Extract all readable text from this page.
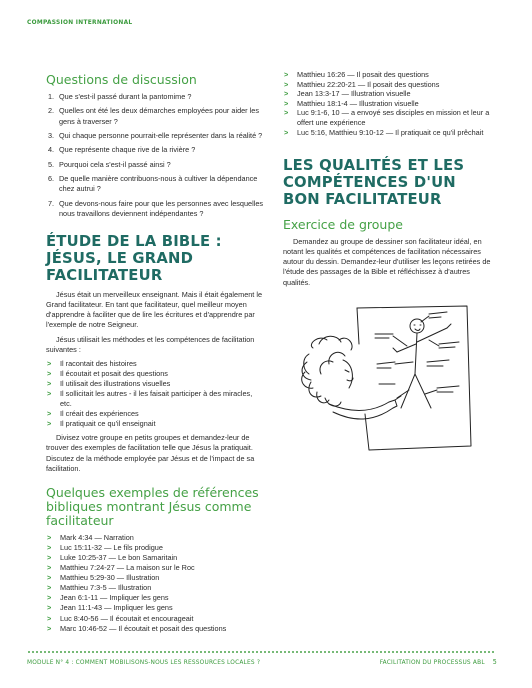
COMPASSION INTERNATIONAL
Questions de discussion
1. Que s'est-il passé durant la pantomime ?
2. Quelles ont été les deux démarches employées pour aider les gens à traverser ?
3. Qui chaque personne pourrait-elle représenter dans la réalité ?
4. Que représente chaque rive de la rivière ?
5. Pourquoi cela s'est-il passé ainsi ?
6. De quelle manière contribuons-nous à cultiver la dépendance chez autrui ?
7. Que devons-nous faire pour que les personnes avec lesquelles nous travaillons deviennent indépendantes ?
ÉTUDE DE LA BIBLE : JÉSUS, LE GRAND FACILITATEUR

Jésus était un merveilleux enseignant. Mais il était également le Grand facilitateur. En tant que facilitateur, quel meilleur moyen d'apprendre à faciliter que de lire les écritures et d'apprendre par l'exemple de notre Seigneur.

Jésus utilisait les méthodes et les compétences de facilitation suivantes :

> Il racontait des histoires
> Il écoutait et posait des questions
> Il utilisait des illustrations visuelles
> Il sollicitait les autres - il les faisait participer à des miracles, etc.
> Il créait des expériences
> Il pratiquait ce qu'il enseignait

Divisez votre groupe en petits groupes et demandez-leur de trouver des exemples de facilitation telle que Jésus la pratiquait. Discutez de la méthode employée par Jésus et de l'impact de sa facilitation.

Quelques exemples de références bibliques montrant Jésus comme facilitateur
> Mark 4:34 — Narration
> Luc 15:11-32 — Le fils prodigue
> Luke 10:25-37 — Le bon Samaritain
> Matthieu 7:24-27 — La maison sur le Roc
> Matthieu 5:29-30 — Illustration
> Matthieu 7:3-5 — Illustration
> Jean 6:1-11 — Impliquer les gens
> Jean 11:1-43 — Impliquer les gens
> Luc 8:40-56 — Il écoutait et encourageait
> Marc 10:46-52 — Il écoutait et posait des questions
> Matthieu 16:26 — Il posait des questions
> Matthieu 22:20-21 — Il posait des questions
> Jean 13:3-17 — Illustration visuelle
> Matthieu 18:1-4 — Illustration visuelle
> Luc 9:1-6, 10 — a envoyé ses disciples en mission et leur a offert une expérience
> Luc 5:16, Matthieu 9:10-12 — Il pratiquait ce qu'il prêchait
LES QUALITÉS ET LES COMPÉTENCES D'UN BON FACILITATEUR
Exercice de groupe

Demandez au groupe de dessiner son facilitateur idéal, en notant les qualités et compétences de facilitation nécessaires autour du dessin. Demandez-leur d'utiliser les leçons retirées de l'étude des passages de la Bible et réfléchissez à d'autres qualités.

MODULE N° 4 : COMMENT MOBILISONS-NOUS LES RESSOURCES LOCALES ?	FACILITATION DU PROCESSUS ABL 5
